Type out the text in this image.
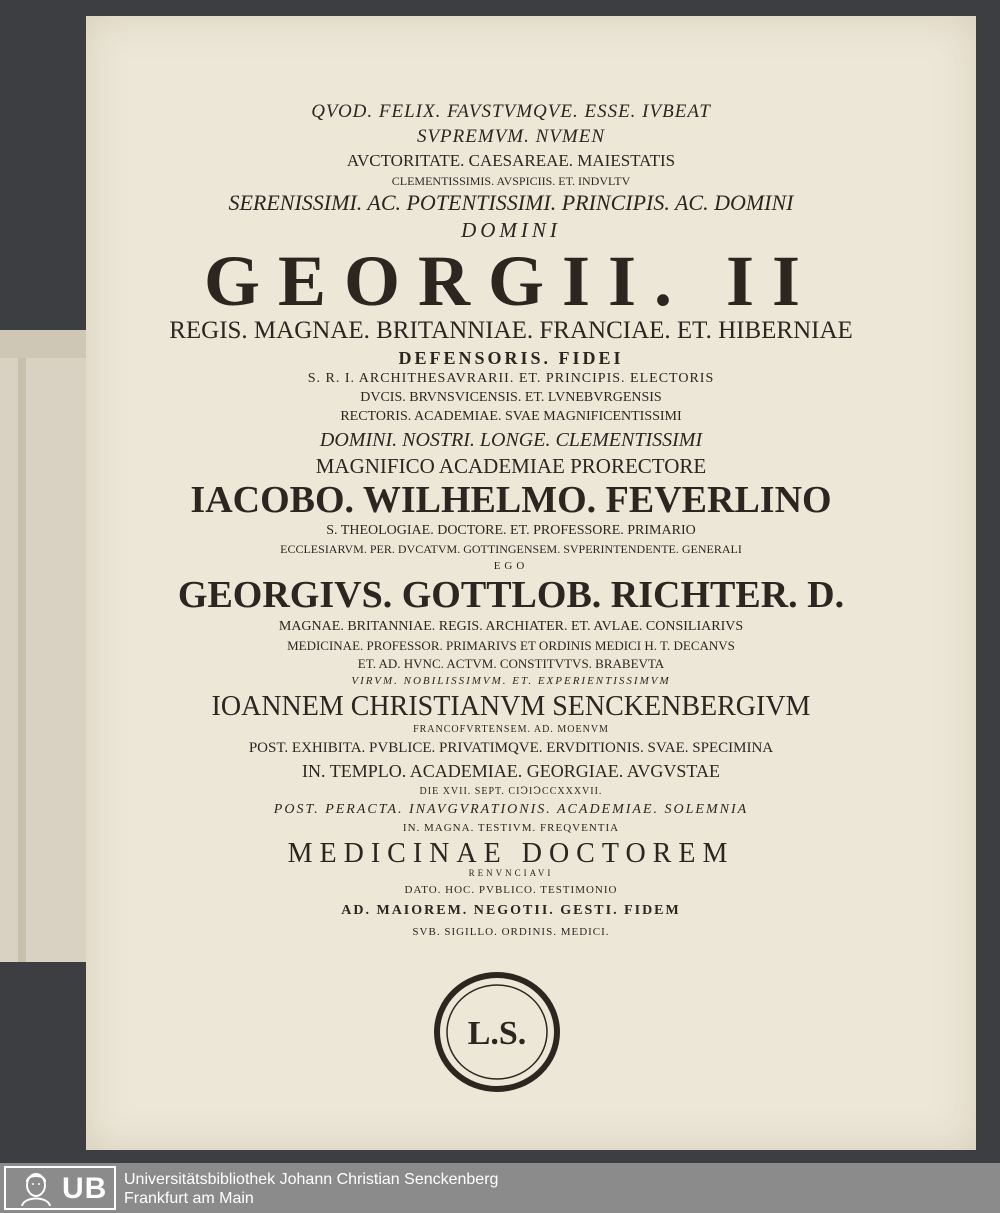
QVOD. FELIX. FAVSTVMQVE. ESSE. IVBEAT
SVPREMVM. NVMEN
AVCTORITATE. CAESAREAE. MAIESTATIS
CLEMENTISSIMIS. AVSPICIIS. ET. INDVLTV
SERENISSIMI. AC. POTENTISSIMI. PRINCIPIS. AC. DOMINI
DOMINI
GEORGII. II
REGIS. MAGNAE. BRITANNIAE. FRANCIAE. ET. HIBERNIAE
DEFENSORIS. FIDEI
S. R. I. ARCHITHESAVRARII. ET. PRINCIPIS. ELECTORIS
DVCIS. BRVNSVICENSIS. ET. LVNEBVRGENSIS
RECTORIS. ACADEMIAE. SVAE MAGNIFICENTISSIMI
DOMINI. NOSTRI. LONGE. CLEMENTISSIMI
MAGNIFICO ACADEMIAE PRORECTORE
IACOBO. WILHELMO. FEVERLINO
S. THEOLOGIAE. DOCTORE. ET. PROFESSORE. PRIMARIO
ECCLESIARVM. PER. DVCATVM. GOTTINGENSEM. SVPERINTENDENTE. GENERALI
EGO
GEORGIVS. GOTTLOB. RICHTER. D.
MAGNAE. BRITANNIAE. REGIS. ARCHIATER. ET. AVLAE. CONSILIARIVS
MEDICINAE. PROFESSOR. PRIMARIVS ET ORDINIS MEDICI H. T. DECANVS
ET. AD. HVNC. ACTVM. CONSTITVTVS. BRABEVTA
VIRVM. NOBILISSIMVM. ET. EXPERIENTISSIMVM
IOANNEM CHRISTIANVM SENCKENBERGIVM
FRANCOFVRTENSEM. AD. MOENVM
POST. EXHIBITA. PVBLICE. PRIVATIMQVE. ERVDITIONIS. SVAE. SPECIMINA
IN. TEMPLO. ACADEMIAE. GEORGIAE. AVGVSTAE
DIE XVII. SEPT. CIↃIↃCCXXXVII.
POST. PERACTA. INAVGVRATIONIS. ACADEMIAE. SOLEMNIA
IN. MAGNA. TESTIVM. FREQVENTIA
MEDICINAE DOCTOREM
RENVNCIAVI
DATO. HOC. PVBLICO. TESTIMONIO
AD. MAIOREM. NEGOTII. GESTI. FIDEM
SVB. SIGILLO. ORDINIS. MEDICI.
L.S.
UB Universitätsbibliothek Johann Christian Senckenberg
Frankfurt am Main
